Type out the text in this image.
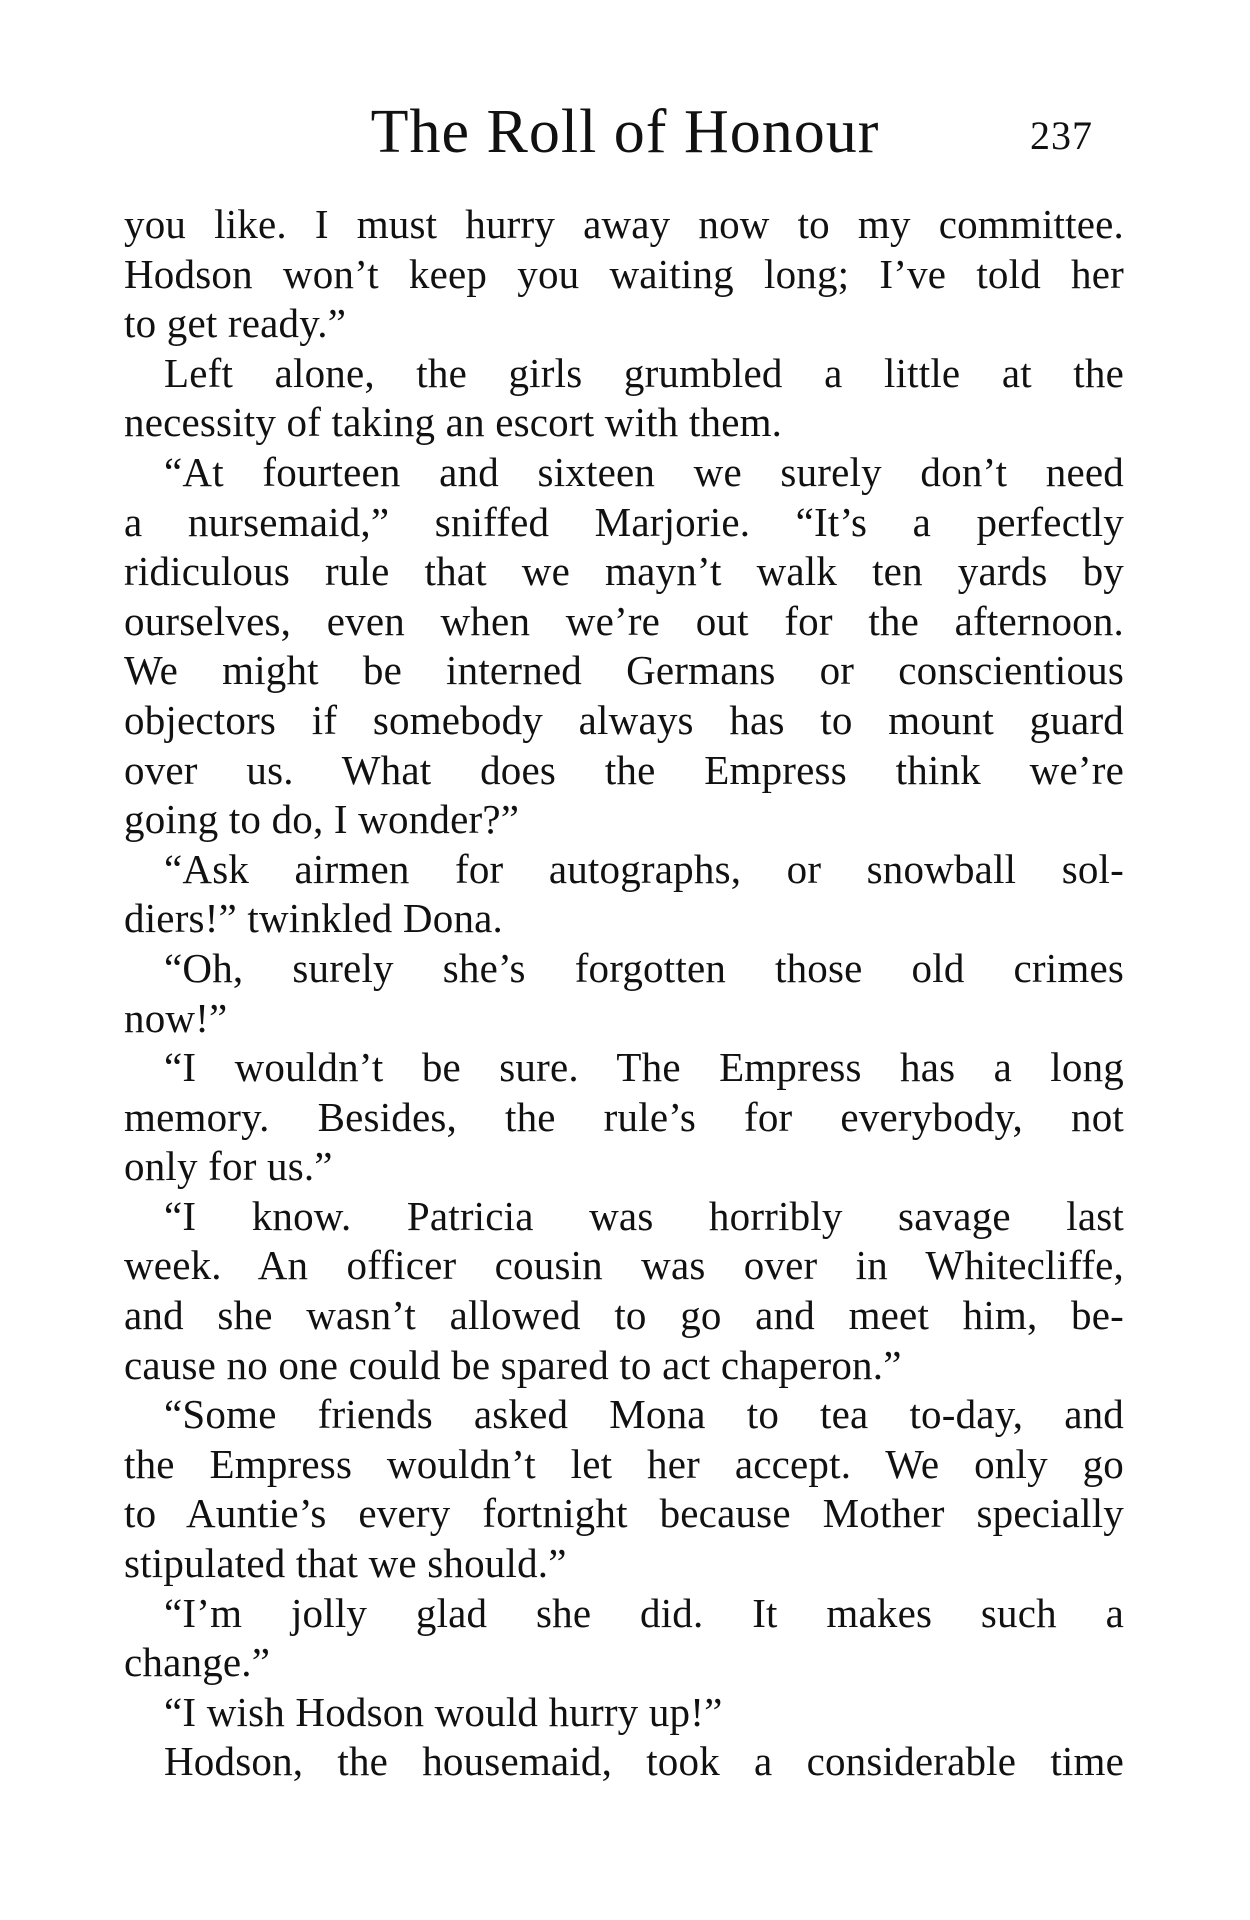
The Roll of Honour	237
you like. I must hurry away now to my committee.
Hodson won’t keep you waiting long; I’ve told her
to get ready.”
Left alone, the girls grumbled a little at the
necessity of taking an escort with them.
“At fourteen and sixteen we surely don’t need
a nursemaid,” sniffed Marjorie. “It’s a perfectly
ridiculous rule that we mayn’t walk ten yards by
ourselves, even when we’re out for the afternoon.
We might be interned Germans or conscientious
objectors if somebody always has to mount guard
over us. What does the Empress think we’re
going to do, I wonder?”
“Ask airmen for autographs, or snowball sol-
diers!” twinkled Dona.
“Oh, surely she’s forgotten those old crimes
now!”
“I wouldn’t be sure. The Empress has a long
memory. Besides, the rule’s for everybody, not
only for us.”
“I know. Patricia was horribly savage last
week. An officer cousin was over in Whitecliffe,
and she wasn’t allowed to go and meet him, be-
cause no one could be spared to act chaperon.”
“Some friends asked Mona to tea to-day, and
the Empress wouldn’t let her accept. We only go
to Auntie’s every fortnight because Mother specially
stipulated that we should.”
“I’m jolly glad she did. It makes such a
change.”
“I wish Hodson would hurry up!”
Hodson, the housemaid, took a considerable time
